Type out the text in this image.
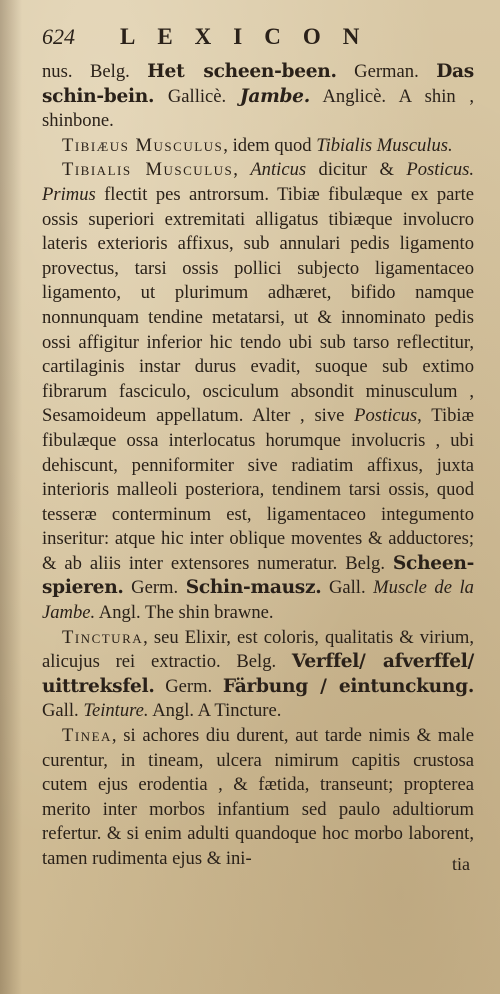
624	LEXICON

nus. Belg. Het scheen-been. German. Das schin-bein. Gallicè. Jambe. Anglicè. A shin , shinbone.

Tibiæus Musculus, idem quod Tibialis Musculus.

Tibialis Musculus, Anticus dicitur & Posticus. Primus flectit pes antrorsum. Tibiæ fibulæque ex parte ossis superiori extremitati alligatus tibiæque involucro lateris exterioris affixus, sub annulari pedis ligamento provectus, tarsi ossis pollici subjecto ligamentaceo ligamento, ut plurimum adhæret, bifido namque nonnunquam tendine metatarsi, ut & innominato pedis ossi affigitur inferior hic tendo ubi sub tarso reflectitur, cartilaginis instar durus evadit, suoque sub extimo fibrarum fasciculo, osciculum absondit minusculum , Sesamoideum appellatum. Alter , sive Posticus, Tibiæ fibulæque ossa interlocatus horumque involucris , ubi dehiscunt, penniformiter sive radiatim affixus, juxta interioris malleoli posteriora, tendinem tarsi ossis, quod tesseræ conterminum est, ligamentaceo integumento inseritur: atque hic inter oblique moventes & adductores; & ab aliis inter extensores numeratur. Belg. Scheen-spieren. Germ. Schin-mausz. Gall. Muscle de la Jambe. Angl. The shin brawne.

Tinctura, seu Elixir, est coloris, qualitatis & virium, alicujus rei extractio. Belg. Verffel/ afverffel/ uittreksfel. Germ. Färbung / eintunckung. Gall. Teinture. Angl. A Tincture.

Tinea, si achores diu durent, aut tarde nimis & male curentur, in tineam, ulcera nimirum capitis crustosa cutem ejus erodentia , & fætida, transeunt; propterea merito inter morbos infantium sed paulo adultiorum refertur. & si enim adulti quandoque hoc morbo laborent, tamen rudimenta ejus & ini-	tia
